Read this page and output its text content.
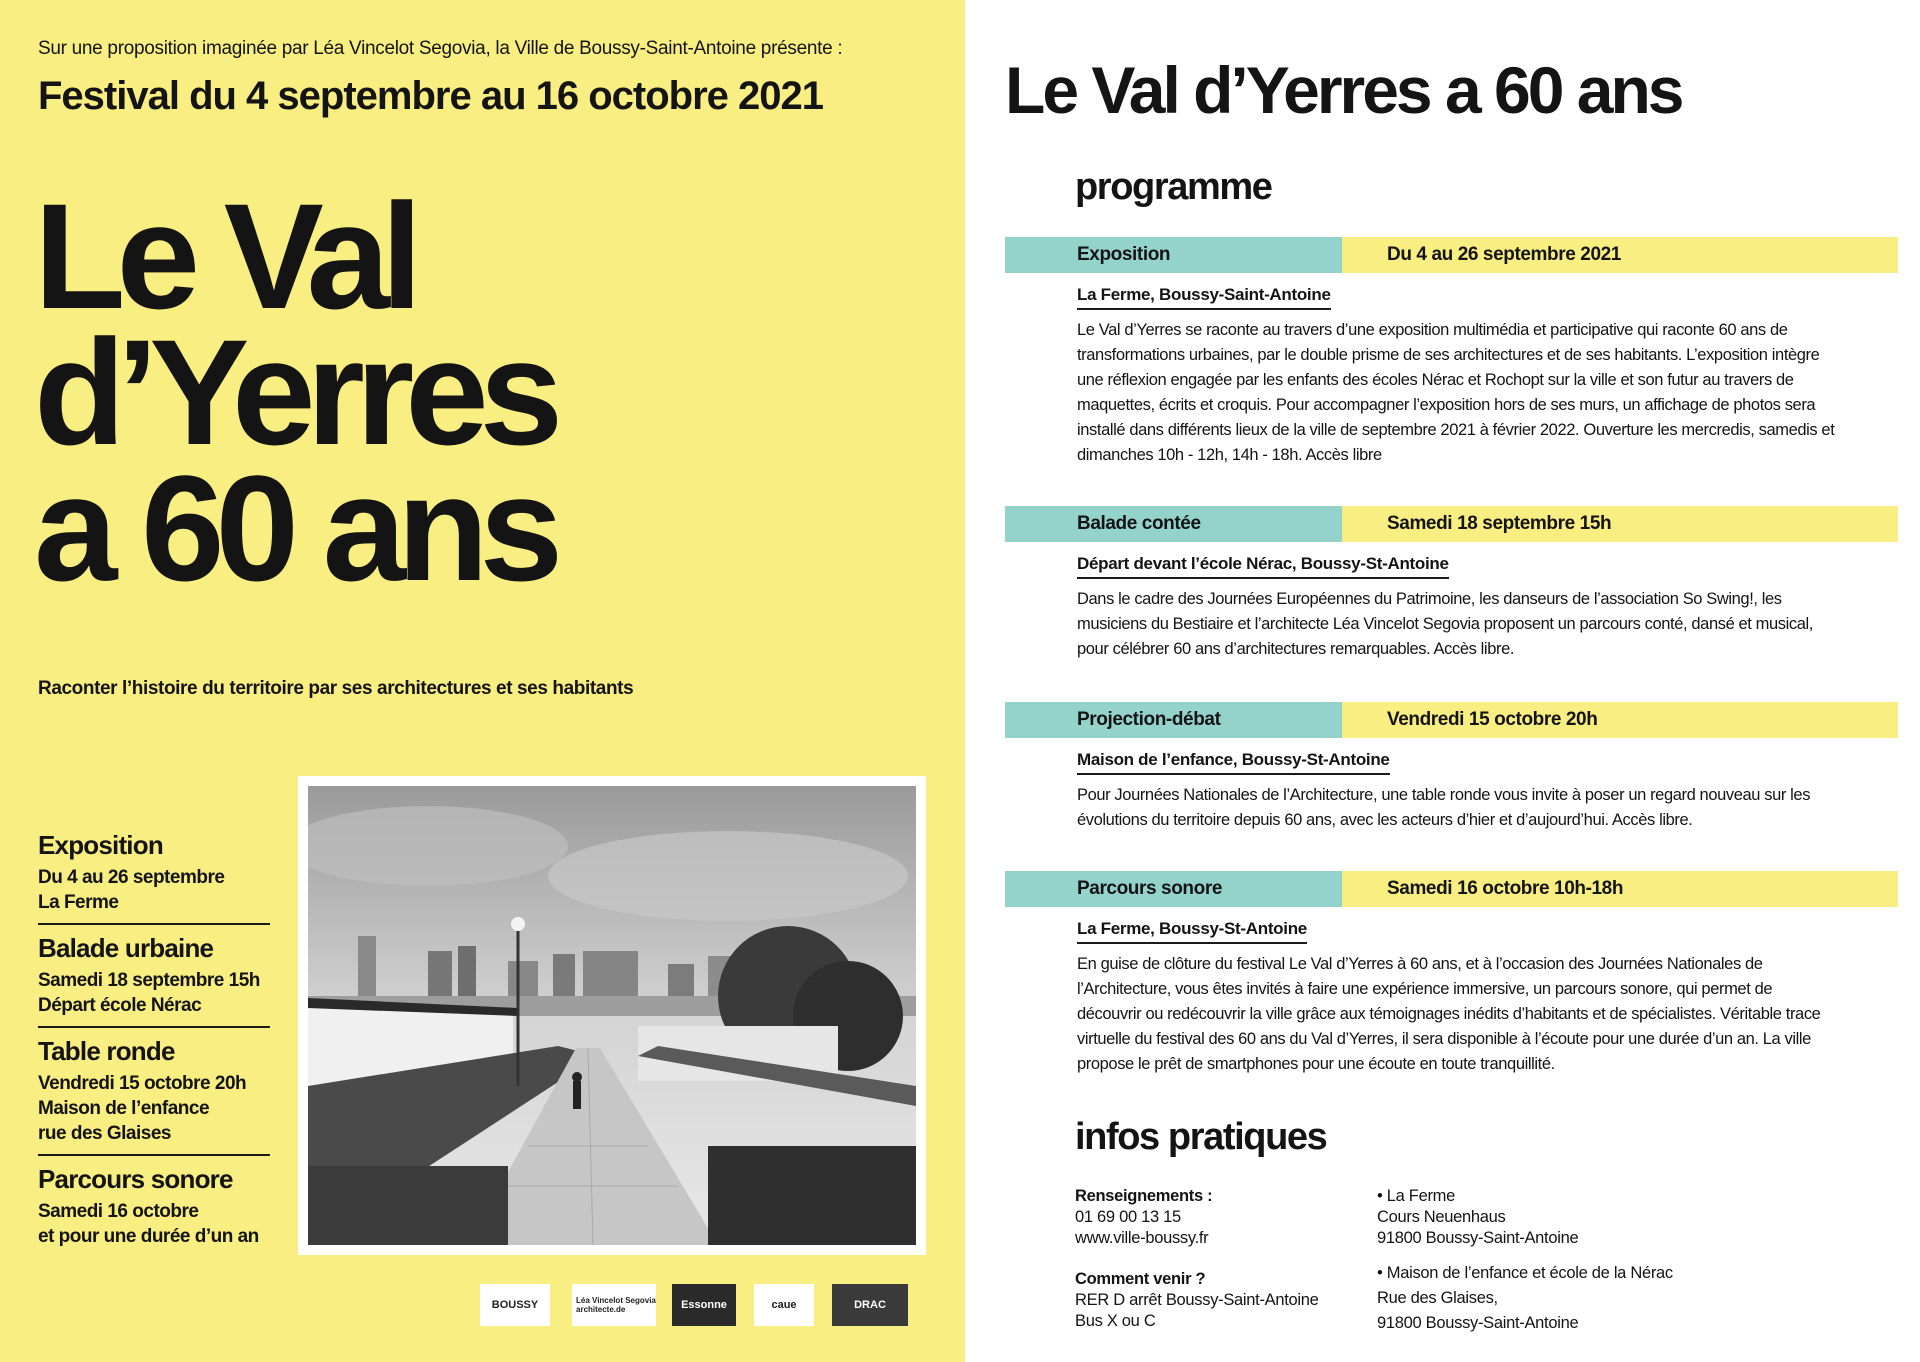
Sur une proposition imaginée par Léa Vincelot Segovia, la Ville de Boussy-Saint-Antoine présente :
Festival du 4 septembre au 16 octobre 2021
Le Val
d’Yerres
a 60 ans
Raconter l’histoire du territoire par ses architectures et ses habitants
Exposition
Du 4 au 26 septembre
La Ferme
Balade urbaine
Samedi 18 septembre 15h
Départ école Nérac
Table ronde
Vendredi 15 octobre 20h
Maison de l’enfance
rue des Glaises
Parcours sonore
Samedi 16 octobre
et pour une durée d’un an
BOUSSY	Léa Vincelot Segovia architecte.de	Essonne	caue	DRAC
Le Val d’Yerres a 60 ans
programme
Exposition	Du 4 au 26 septembre 2021
La Ferme, Boussy-Saint-Antoine
Le Val d’Yerres se raconte au travers d’une exposition multimédia et participative qui raconte 60 ans de transformations urbaines, par le double prisme de ses architectures et de ses habitants. L’exposition intègre une réflexion engagée par les enfants des écoles Nérac et Rochopt sur la ville et son futur au travers de maquettes, écrits et croquis. Pour accompagner l’exposition hors de ses murs, un affichage de photos sera installé dans différents lieux de la ville de septembre 2021 à février 2022. Ouverture les mercredis, samedis et dimanches 10h - 12h, 14h - 18h. Accès libre
Balade contée	Samedi 18 septembre 15h
Départ devant l’école Nérac, Boussy-St-Antoine
Dans le cadre des Journées Européennes du Patrimoine, les danseurs de l’association So Swing!, les musiciens du Bestiaire et l’architecte Léa Vincelot Segovia proposent un parcours conté, dansé et musical, pour célébrer 60 ans d’architectures remarquables. Accès libre.
Projection-débat	Vendredi 15 octobre 20h
Maison de l’enfance, Boussy-St-Antoine
Pour Journées Nationales de l’Architecture, une table ronde vous invite à poser un regard nouveau sur les évolutions du territoire depuis 60 ans, avec les acteurs d’hier et d’aujourd’hui. Accès libre.
Parcours sonore	Samedi 16 octobre 10h-18h
La Ferme, Boussy-St-Antoine
En guise de clôture du festival Le Val d’Yerres à 60 ans, et à l’occasion des Journées Nationales de l’Architecture, vous êtes invités à faire une expérience immersive, un parcours sonore, qui permet de découvrir ou redécouvrir la ville grâce aux témoignages inédits d’habitants et de spécialistes. Véritable trace virtuelle du festival des 60 ans du Val d’Yerres, il sera disponible à l’écoute pour une durée d’un an. La ville propose le prêt de smartphones pour une écoute en toute tranquillité.
infos pratiques
Renseignements :
01 69 00 13 15
www.ville-boussy.fr
Comment venir ?
RER D arrêt Boussy-Saint-Antoine
Bus X ou C
• La Ferme
Cours Neuenhaus
91800 Boussy-Saint-Antoine
• Maison de l’enfance et école de la Nérac
Rue des Glaises,
91800 Boussy-Saint-Antoine
